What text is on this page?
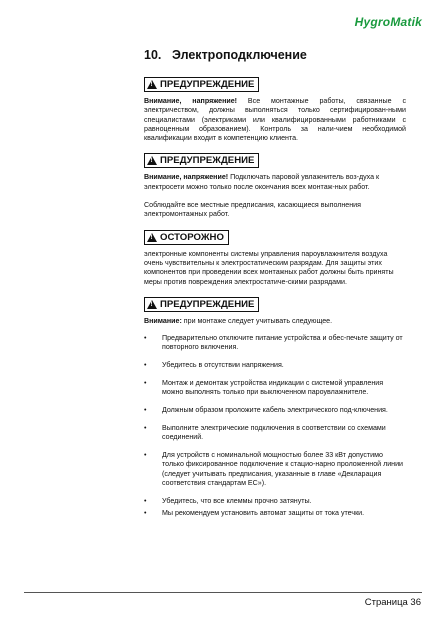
HygroMatik
10. Электроподключение
!
ПРЕДУПРЕЖДЕНИЕ

Внимание, напряжение! Все монтажные работы, связанные с электричеством, должны выполняться только сертифицирован-ными специалистами (электриками или квалифицированными работниками с равноценным образованием). Контроль за нали-чием необходимой квалификации входит в компетенцию клиента.

!
ПРЕДУПРЕЖДЕНИЕ

Внимание, напряжение! Подключать паровой увлажнитель воз-духа к электросети можно только после окончания всех монтаж-ных работ.

Соблюдайте все местные предписания, касающиеся выполнения электромонтажных работ.

!
ОСТОРОЖНО

электронные компоненты системы управления пароувлажнителя воздуха очень чувствительны к электростатическим разрядам. Для защиты этих компонентов при проведении всех монтажных работ должны быть приняты меры против повреждения электростатиче-скими разрядами.

!
ПРЕДУПРЕЖДЕНИЕ

Внимание: при монтаже следует учитывать следующее.

•	Предварительно отключите питание устройства и обес-печьте защиту от повторного включения.
•	Убедитесь в отсутствии напряжения.
•	Монтаж и демонтаж устройства индикации с системой управления можно выполнять только при выключенном пароувлажнителе.
•	Должным образом проложите кабель электрического под-ключения.
•	Выполните электрические подключения в соответствии со схемами соединений.
•	Для устройств с номинальной мощностью более 33 кВт допустимо только фиксированное подключение к стацио-нарно проложенной линии (следует учитывать предписания, указанные в главе «Декларация соответствия стандартам ЕС»).
•	Убедитесь, что все клеммы прочно затянуты.
•	Мы рекомендуем установить автомат защиты от тока утечки.
Страница 36
